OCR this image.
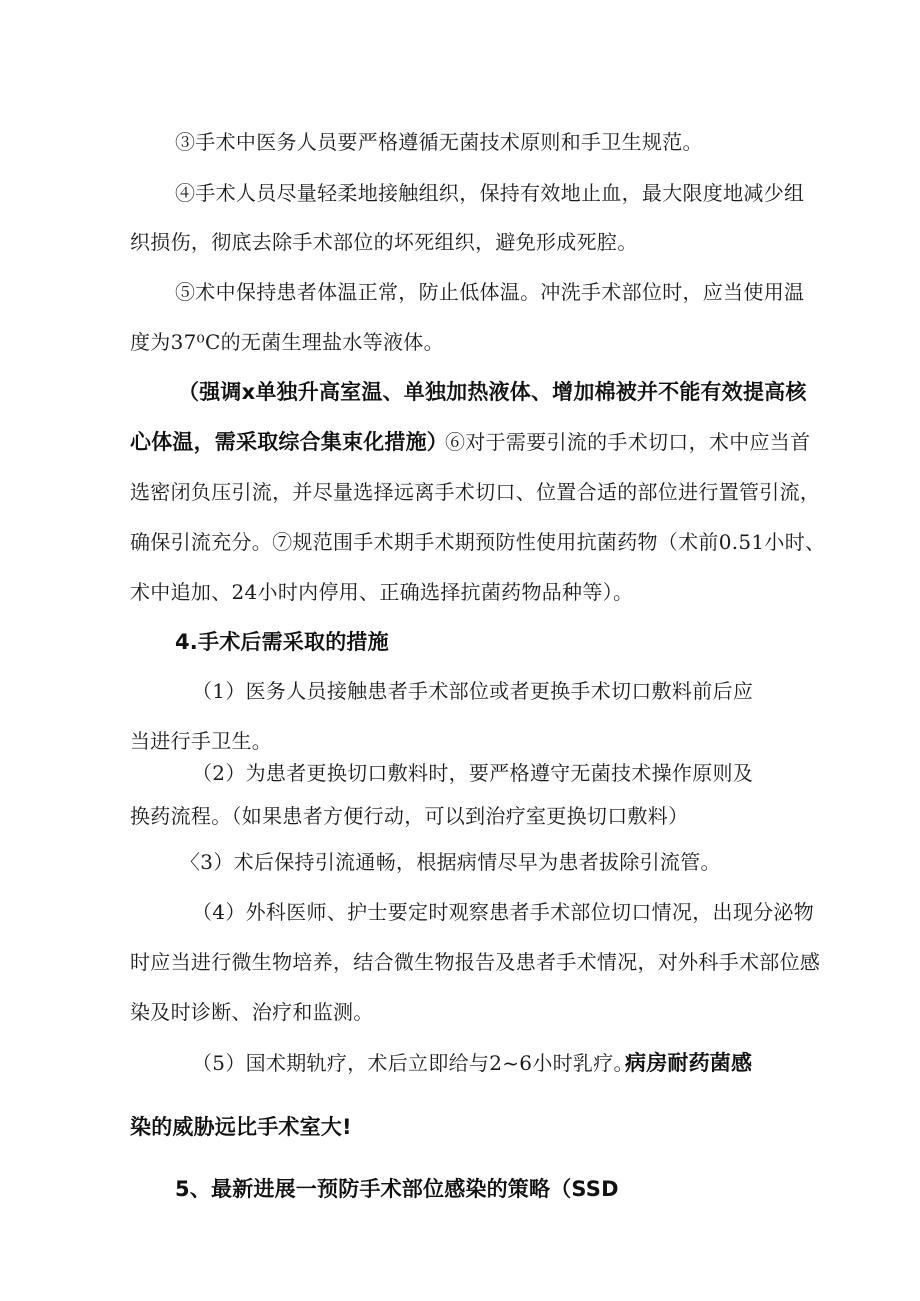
③手术中医务人员要严格遵循无菌技术原则和手卫生规范。
④手术人员尽量轻柔地接触组织，保持有效地止血，最大限度地减少组
织损伤，彻底去除手术部位的坏死组织，避免形成死腔。
⑤术中保持患者体温正常，防止低体温。冲洗手术部位时，应当使用温
度为37⁰C的无菌生理盐水等液体。
（强调x单独升高室温、单独加热液体、增加棉被并不能有效提高核
心体温，需采取综合集束化措施）
⑥对于需要引流的手术切口，术中应当首
选密闭负压引流，并尽量选择远离手术切口、位置合适的部位进行置管引流，
确保引流充分。⑦规范围手术期手术期预防性使用抗菌药物（术前0.51小时、
术中追加、24小时内停用、正确选择抗菌药物品种等）。
4.手术后需采取的措施
（1）医务人员接触患者手术部位或者更换手术切口敷料前后应
当进行手卫生。
（2）为患者更换切口敷料时，要严格遵守无菌技术操作原则及
换药流程。（如果患者方便行动，可以到治疗室更换切口敷料）
〈3）术后保持引流通畅，根据病情尽早为患者拔除引流管。
（4）外科医师、护士要定时观察患者手术部位切口情况，出现分泌物
时应当进行微生物培养，结合微生物报告及患者手术情况，对外科手术部位感
染及时诊断、治疗和监测。
（5）国术期轨疗，术后立即给与2~6小时乳疗。
病房耐药菌感
染的威胁远比手术室大!
5、最新进展一预防手术部位感染的策略（SSD
